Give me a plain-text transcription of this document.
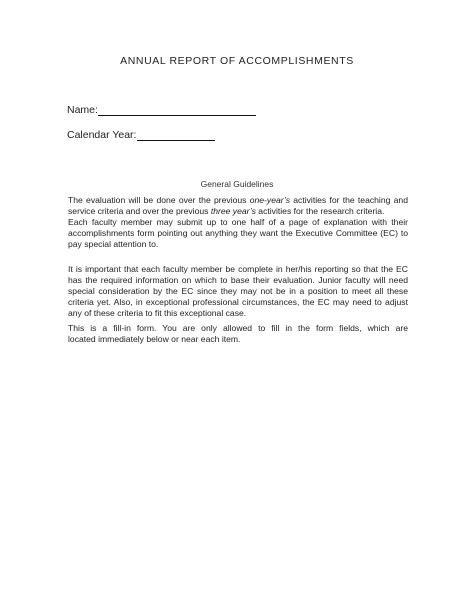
ANNUAL REPORT OF ACCOMPLISHMENTS
Name:
Calendar Year:
General Guidelines
The evaluation will be done over the previous one-year’s activities for the teaching and
service criteria and over the previous three year’s activities for the research criteria.
Each faculty member may submit up to one half of a page of explanation with their
accomplishments form pointing out anything they want the Executive Committee (EC) to
pay special attention to.
It is important that each faculty member be complete in her/his reporting so that the EC
has the required information on which to base their evaluation. Junior faculty will need
special consideration by the EC since they may not be in a position to meet all these
criteria yet. Also, in exceptional professional circumstances, the EC may need to adjust
any of these criteria to fit this exceptional case.
This is a fill-in form. You are only allowed to fill in the form fields, which are
located immediately below or near each item.
